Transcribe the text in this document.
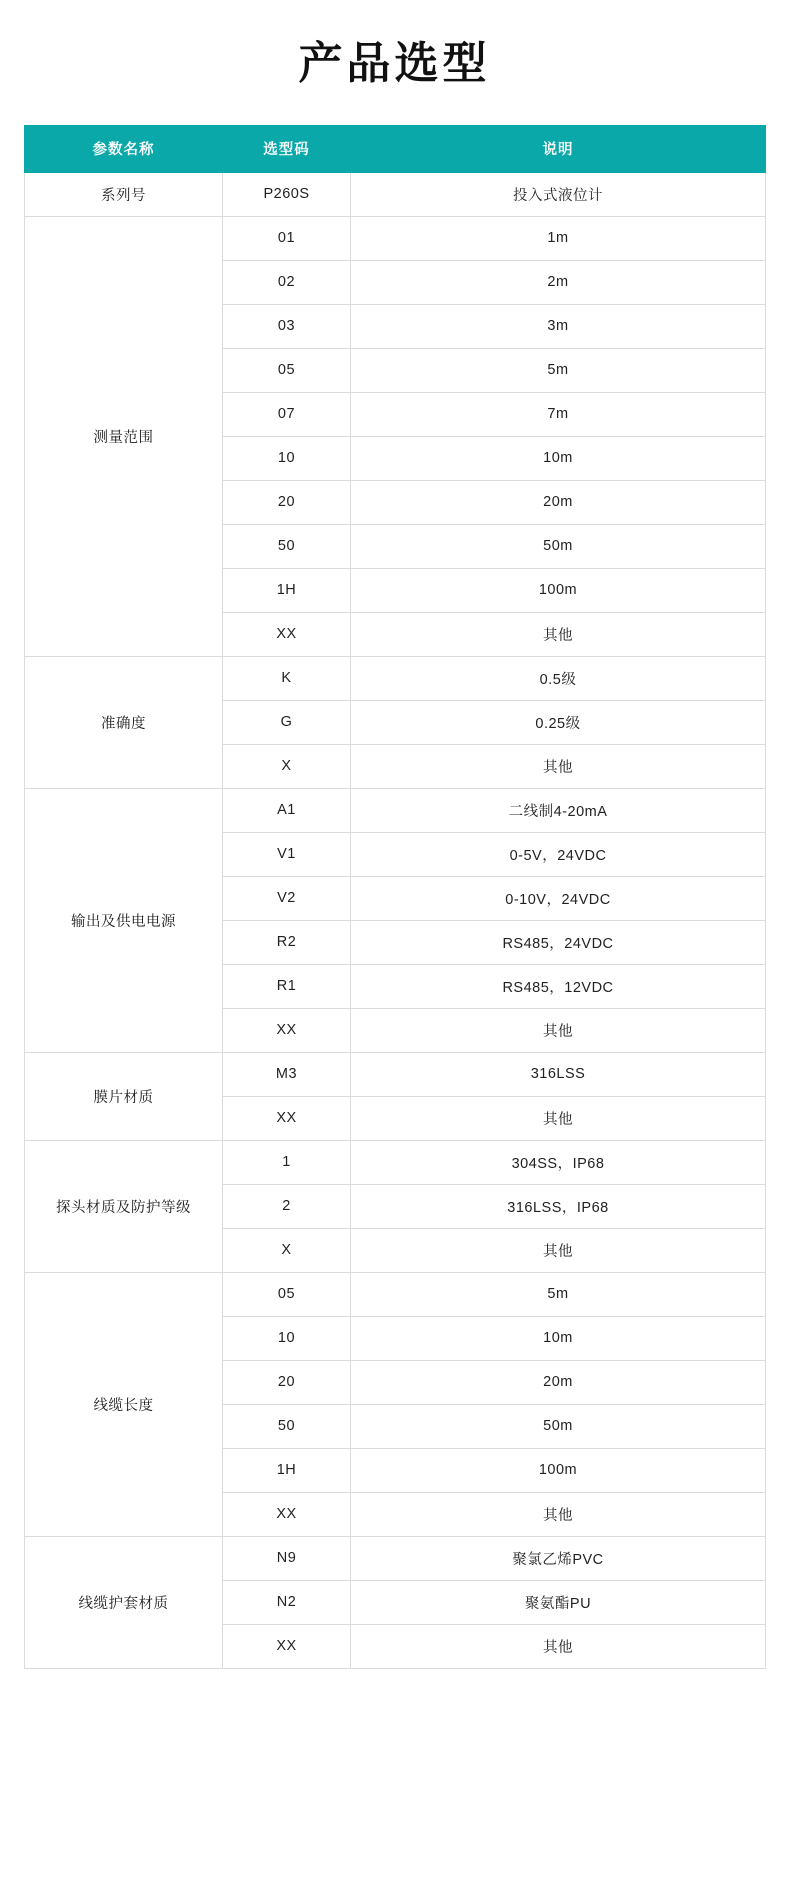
产品选型
参数名称	选型码	说明
系列号	P260S	投入式液位计
测量范围	01	1m
	02	2m
	03	3m
	05	5m
	07	7m
	10	10m
	20	20m
	50	50m
	1H	100m
	XX	其他
准确度	K	0.5级
	G	0.25级
	X	其他
输出及供电电源	A1	二线制4-20mA
	V1	0-5V，24VDC
	V2	0-10V，24VDC
	R2	RS485，24VDC
	R1	RS485，12VDC
	XX	其他
膜片材质	M3	316LSS
	XX	其他
探头材质及防护等级	1	304SS，IP68
	2	316LSS，IP68
	X	其他
线缆长度	05	5m
	10	10m
	20	20m
	50	50m
	1H	100m
	XX	其他
线缆护套材质	N9	聚氯乙烯PVC
	N2	聚氨酯PU
	XX	其他
